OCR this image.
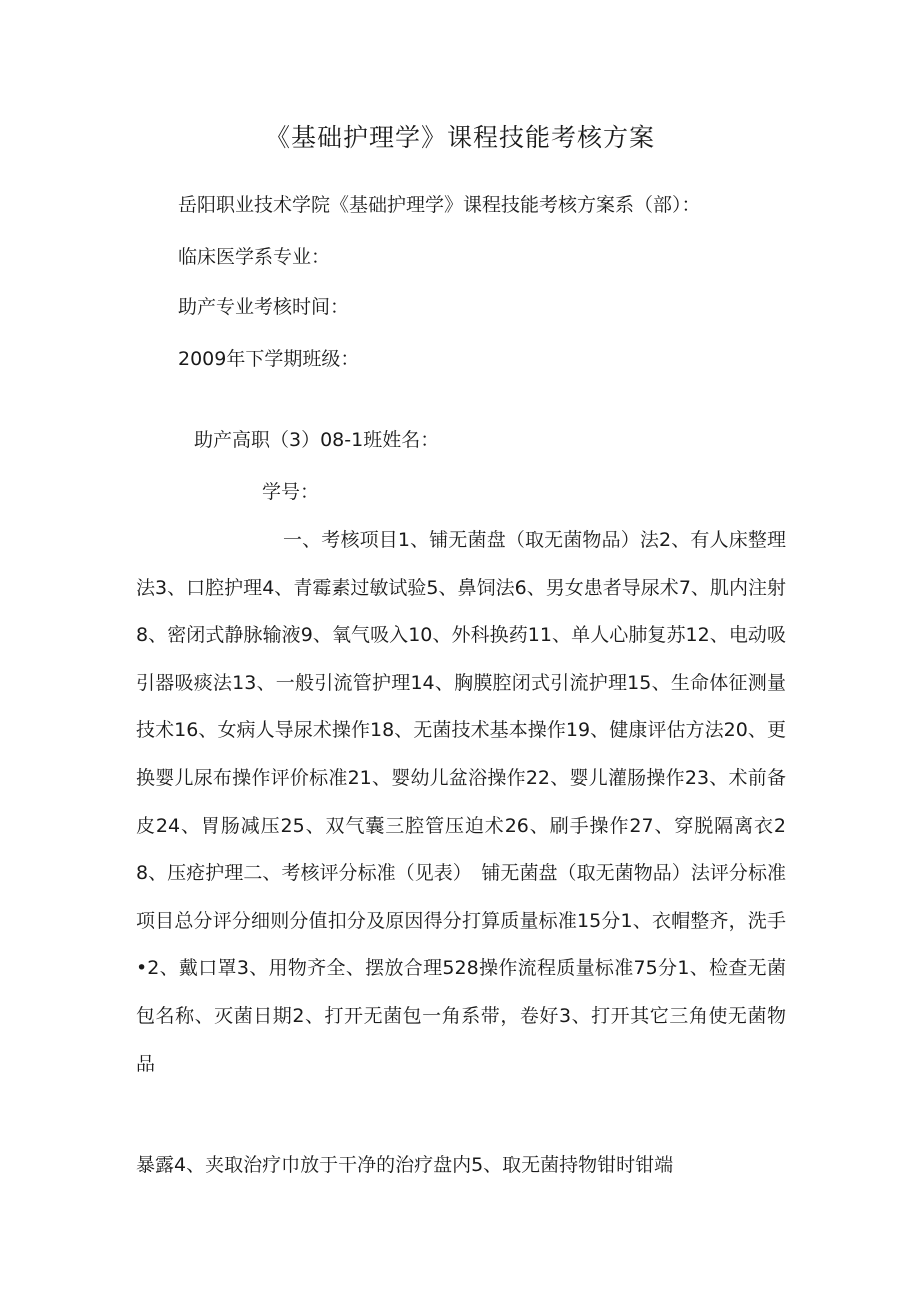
《基础护理学》课程技能考核方案

岳阳职业技术学院《基础护理学》课程技能考核方案系（部）：

临床医学系专业：

助产专业考核时间：

2009年下学期班级：

助产高职（3）08-1班姓名：

学号：

一、考核项目1、铺无菌盘（取无菌物品）法2、有人床整理法3、口腔护理4、青霉素过敏试验5、鼻饲法6、男女患者导尿术7、肌内注射8、密闭式静脉输液9、氧气吸入10、外科换药11、单人心肺复苏12、电动吸引器吸痰法13、一般引流管护理14、胸膜腔闭式引流护理15、生命体征测量技术16、女病人导尿术操作18、无菌技术基本操作19、健康评估方法20、更换婴儿尿布操作评价标准21、婴幼儿盆浴操作22、婴儿灌肠操作23、术前备皮24、胃肠减压25、双气囊三腔管压迫术26、刷手操作27、穿脱隔离衣28、压疮护理二、考核评分标准（见表）　铺无菌盘（取无菌物品）法评分标准项目总分评分细则分值扣分及原因得分打算质量标准15分1、衣帽整齐，洗手•2、戴口罩3、用物齐全、摆放合理528操作流程质量标准75分1、检查无菌包名称、灭菌日期2、打开无菌包一角系带，卷好3、打开其它三角使无菌物品

暴露4、夹取治疗巾放于干净的治疗盘内5、取无菌持物钳时钳端
